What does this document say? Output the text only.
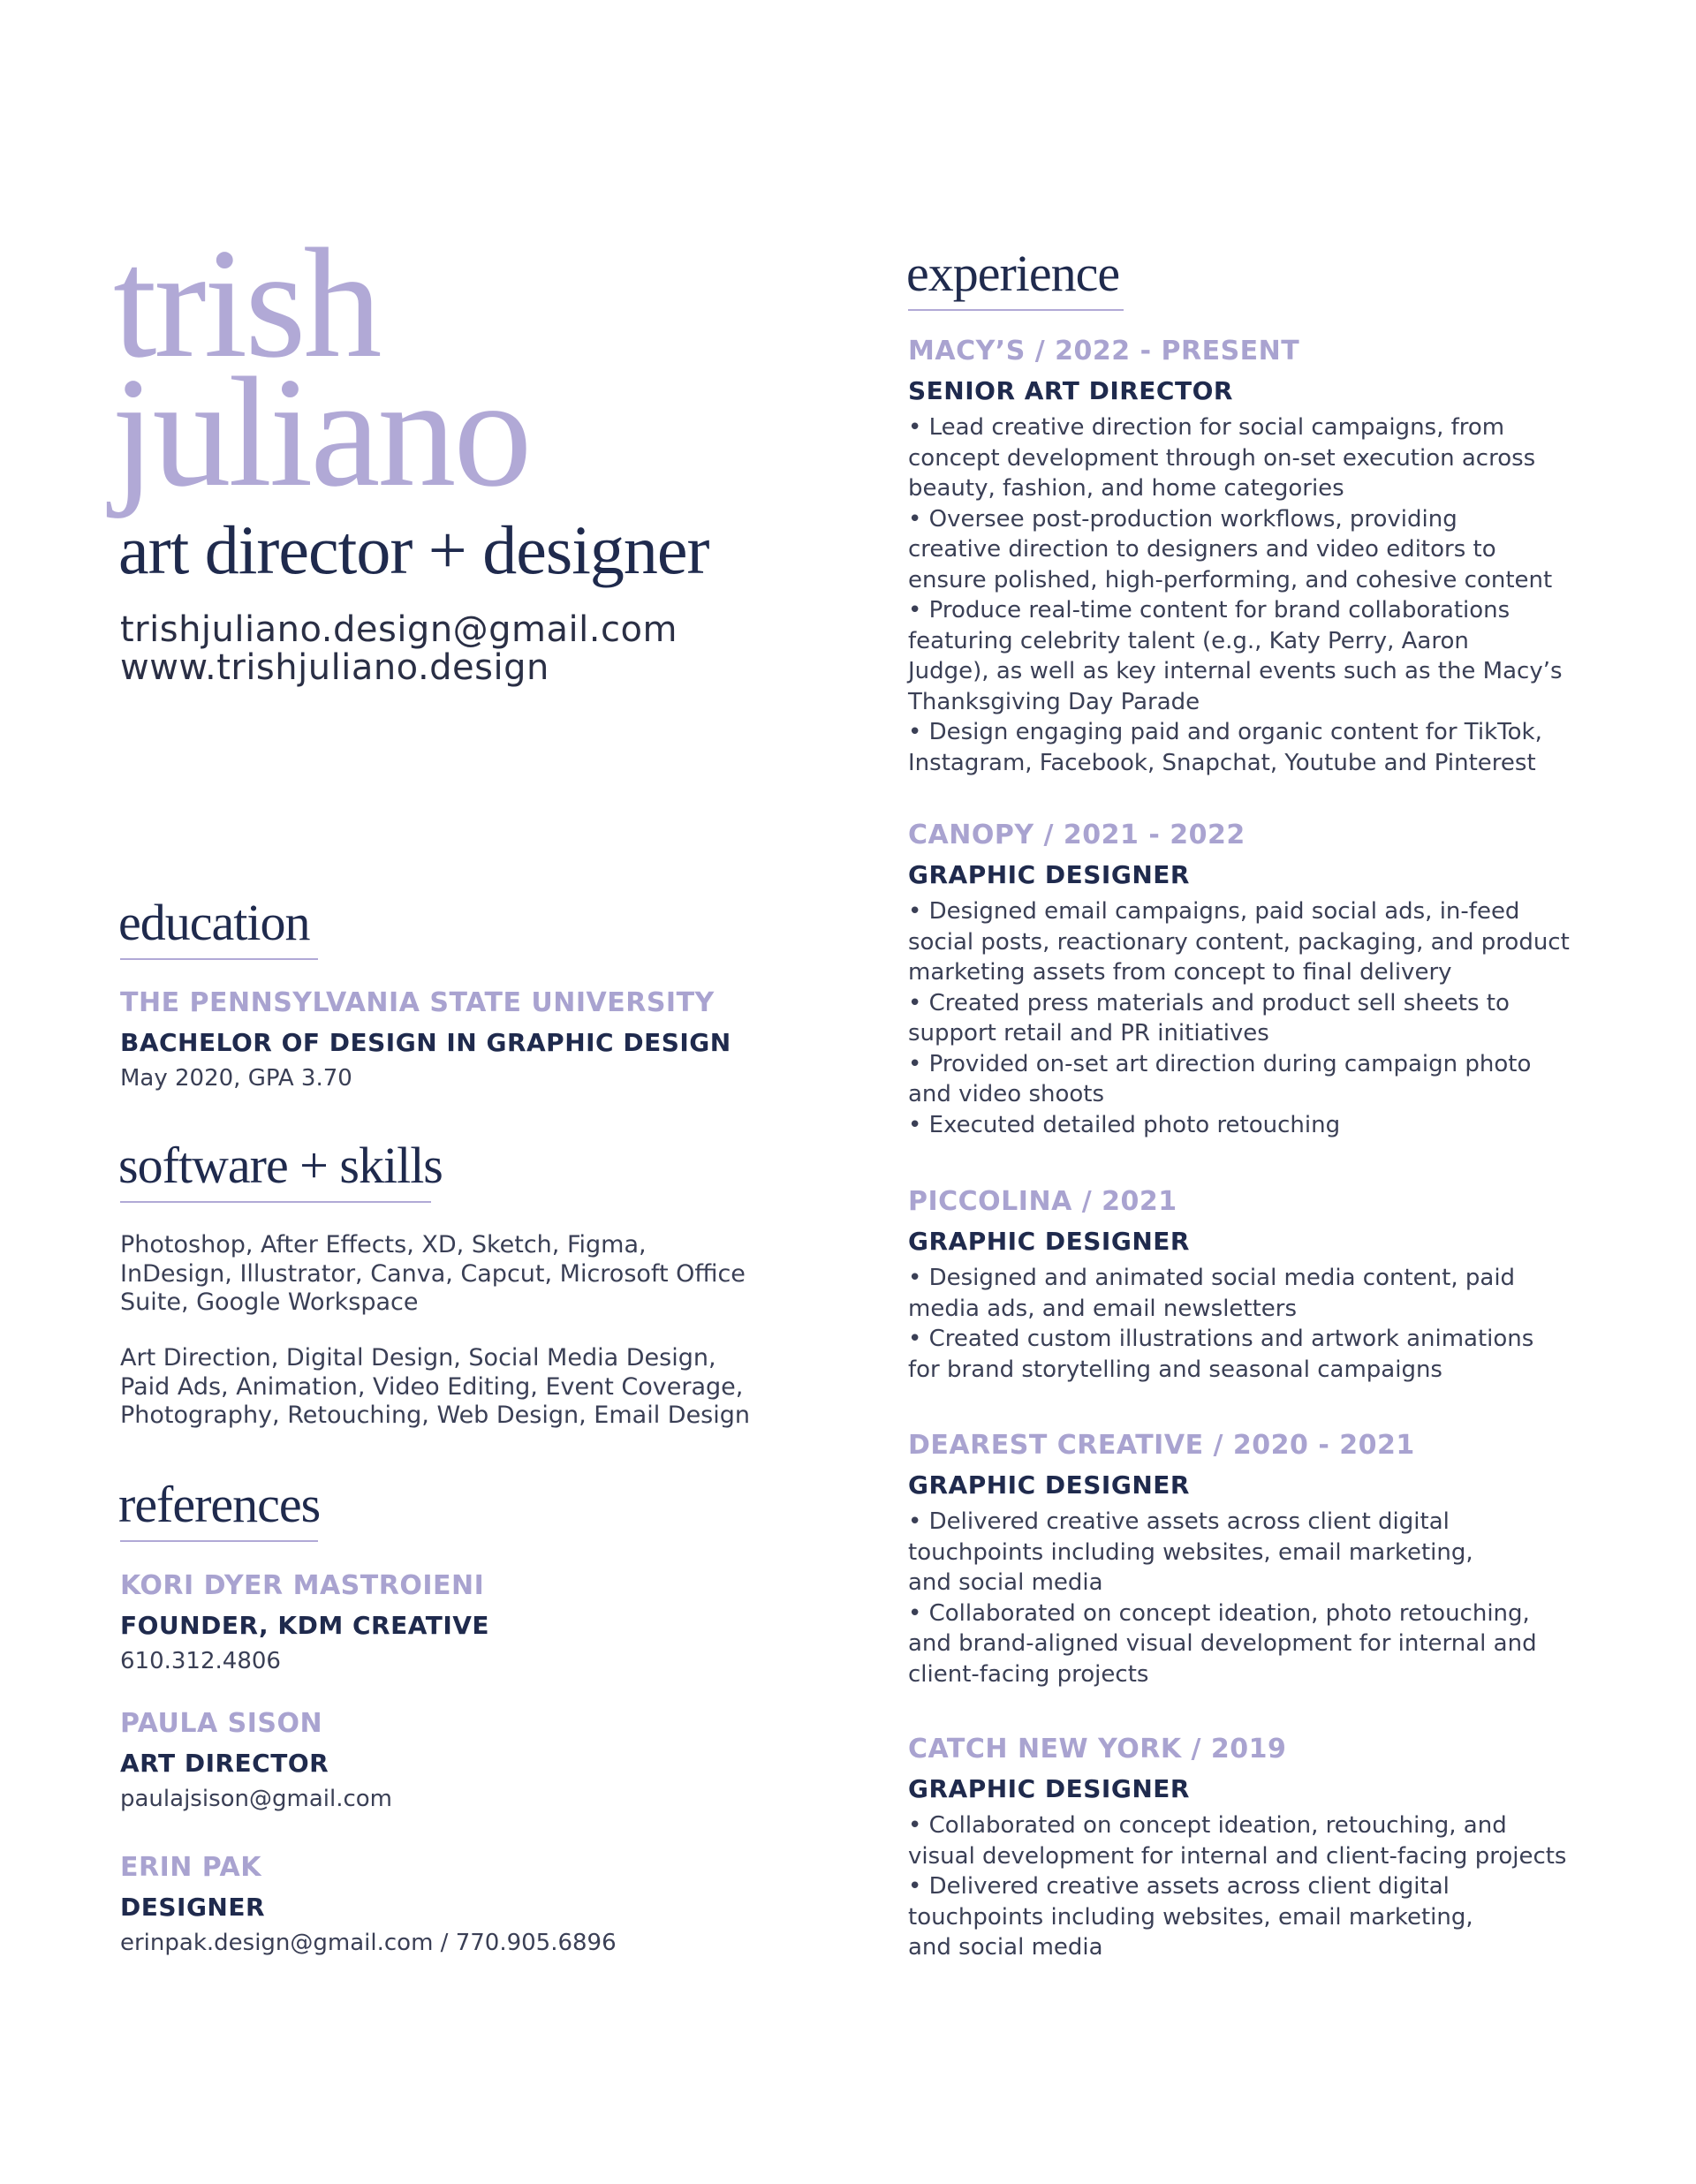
trish
juliano
art director + designer
trishjuliano.design@gmail.com
www.trishjuliano.design
education
THE PENNSYLVANIA STATE UNIVERSITY
BACHELOR OF DESIGN IN GRAPHIC DESIGN
May 2020, GPA 3.70
software + skills
Photoshop, After Effects, XD, Sketch, Figma,
InDesign, Illustrator, Canva, Capcut, Microsoft Office
Suite, Google Workspace
Art Direction, Digital Design, Social Media Design,
Paid Ads, Animation, Video Editing, Event Coverage,
Photography, Retouching, Web Design, Email Design
references
KORI DYER MASTROIENI
FOUNDER, KDM CREATIVE
610.312.4806
PAULA SISON
ART DIRECTOR
paulajsison@gmail.com
ERIN PAK
DESIGNER
erinpak.design@gmail.com / 770.905.6896
experience
MACY’S / 2022 - PRESENT
SENIOR ART DIRECTOR
• Lead creative direction for social campaigns, from
concept development through on-set execution across
beauty, fashion, and home categories
• Oversee post-production workflows, providing
creative direction to designers and video editors to
ensure polished, high-performing, and cohesive content
• Produce real-time content for brand collaborations
featuring celebrity talent (e.g., Katy Perry, Aaron
Judge), as well as key internal events such as the Macy’s
Thanksgiving Day Parade
• Design engaging paid and organic content for TikTok,
Instagram, Facebook, Snapchat, Youtube and Pinterest
CANOPY / 2021 - 2022
GRAPHIC DESIGNER
• Designed email campaigns, paid social ads, in-feed
social posts, reactionary content, packaging, and product
marketing assets from concept to final delivery
• Created press materials and product sell sheets to
support retail and PR initiatives
• Provided on-set art direction during campaign photo
and video shoots
• Executed detailed photo retouching
PICCOLINA / 2021
GRAPHIC DESIGNER
• Designed and animated social media content, paid
media ads, and email newsletters
• Created custom illustrations and artwork animations
for brand storytelling and seasonal campaigns
DEAREST CREATIVE / 2020 - 2021
GRAPHIC DESIGNER
• Delivered creative assets across client digital
touchpoints including websites, email marketing,
and social media
• Collaborated on concept ideation, photo retouching,
and brand-aligned visual development for internal and
client-facing projects
CATCH NEW YORK / 2019
GRAPHIC DESIGNER
• Collaborated on concept ideation, retouching, and
visual development for internal and client-facing projects
• Delivered creative assets across client digital
touchpoints including websites, email marketing,
and social media
